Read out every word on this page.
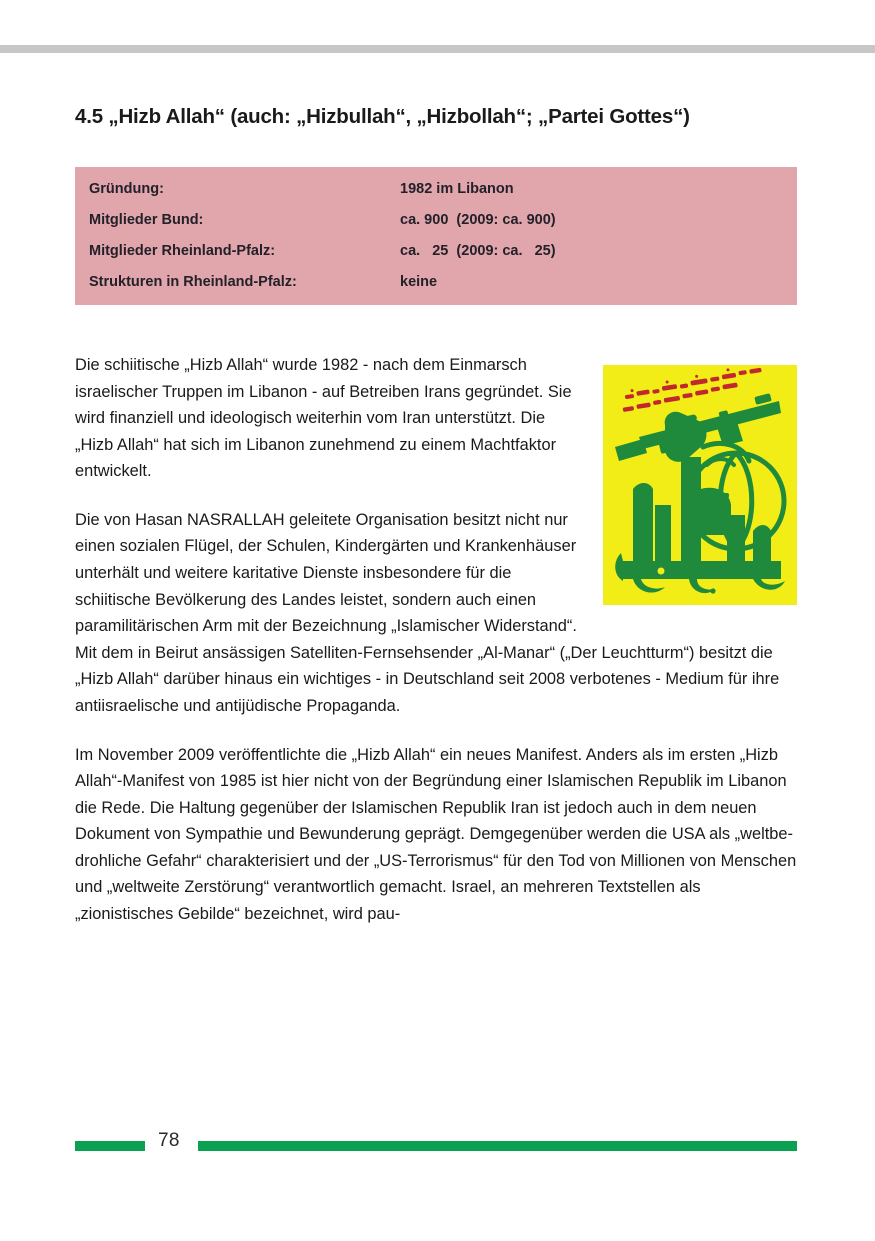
4.5 „Hizb Allah“ (auch: „Hizbullah“, „Hizbollah“; „Partei Gottes“)
Gründung:	1982 im Libanon
Mitglieder Bund:	ca. 900  (2009: ca. 900)
Mitglieder Rheinland-Pfalz:	ca.   25  (2009: ca.   25)
Strukturen in Rheinland-Pfalz:	keine

Die schiitische „Hizb Allah“ wurde 1982 - nach dem Einmarsch israelischer Truppen im Libanon - auf Betreiben Irans gegründet. Sie wird finanziell und ideologisch weiterhin vom Iran unterstützt. Die „Hizb Allah“ hat sich im Libanon zunehmend zu einem Machtfaktor entwickelt.

Die von Hasan NASRALLAH geleitete Organisation besitzt nicht nur einen sozialen Flügel, der Schulen, Kindergärten und Krankenhäuser unterhält und weitere karitative Dienste insbesondere für die schiitische Bevölkerung des Landes leistet, sondern auch einen paramilitärischen Arm mit der Bezeichnung „Islamischer Widerstand“. Mit dem in Beirut ansässigen Satelliten-Fernsehsender „Al-Manar“ („Der Leuchtturm“) besitzt die „Hizb Allah“ darüber hinaus ein wichtiges - in Deutschland seit 2008 verbotenes - Medium für ihre antiisraelische und antijüdische Propaganda.

Im November 2009 veröffentlichte die „Hizb Allah“ ein neues Manifest. Anders als im ersten „Hizb Allah“-Manifest von 1985 ist hier nicht von der Begründung einer Islamischen Republik im Libanon die Rede. Die Haltung gegenüber der Islamischen Republik Iran ist jedoch auch in dem neuen Dokument von Sympathie und Bewunderung geprägt. Demgegenüber werden die USA als „weltbedrohliche Gefahr“ charakterisiert und der „US-Terrorismus“ für den Tod von Millionen von Menschen und „weltweite Zerstörung“ verantwortlich gemacht. Israel, an mehreren Textstellen als „zionistisches Gebilde“ bezeichnet, wird pau-

78
